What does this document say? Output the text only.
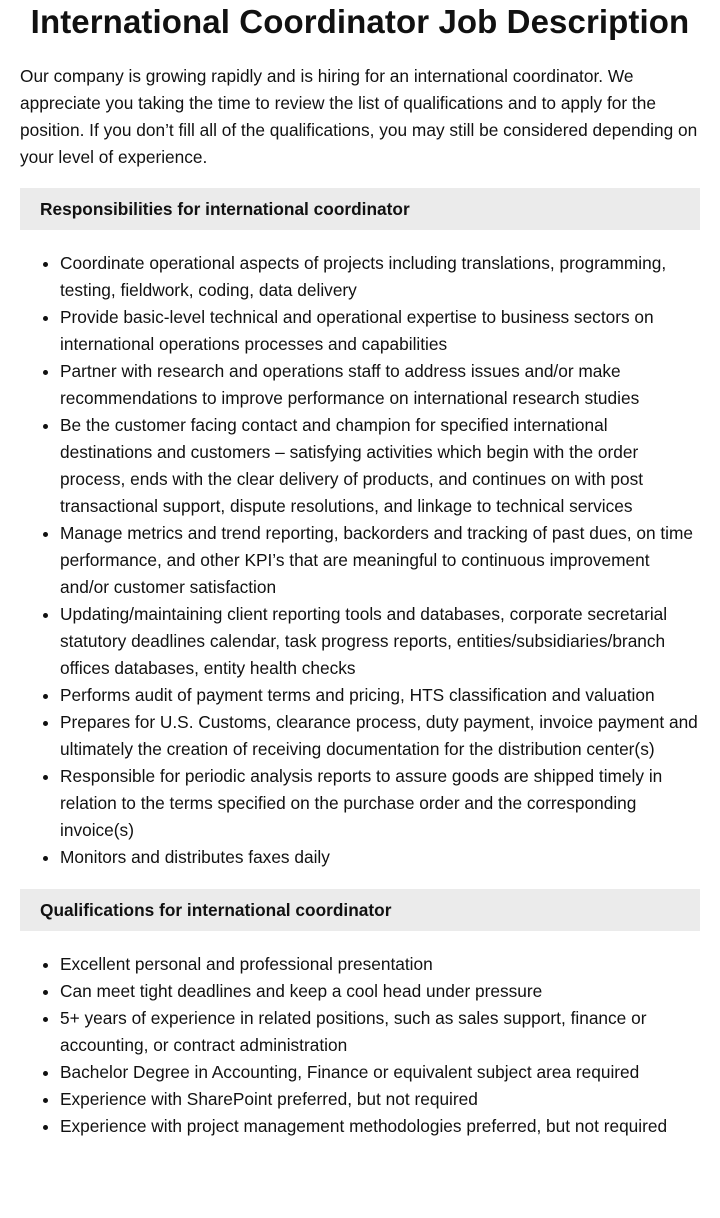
International Coordinator Job Description

Our company is growing rapidly and is hiring for an international coordinator. We appreciate you taking the time to review the list of qualifications and to apply for the position. If you don’t fill all of the qualifications, you may still be considered depending on your level of experience.

Responsibilities for international coordinator
• Coordinate operational aspects of projects including translations, programming, testing, fieldwork, coding, data delivery
• Provide basic-level technical and operational expertise to business sectors on international operations processes and capabilities
• Partner with research and operations staff to address issues and/or make recommendations to improve performance on international research studies
• Be the customer facing contact and champion for specified international destinations and customers – satisfying activities which begin with the order process, ends with the clear delivery of products, and continues on with post transactional support, dispute resolutions, and linkage to technical services
• Manage metrics and trend reporting, backorders and tracking of past dues, on time performance, and other KPI’s that are meaningful to continuous improvement and/or customer satisfaction
• Updating/maintaining client reporting tools and databases, corporate secretarial statutory deadlines calendar, task progress reports, entities/subsidiaries/branch offices databases, entity health checks
• Performs audit of payment terms and pricing, HTS classification and valuation
• Prepares for U.S. Customs, clearance process, duty payment, invoice payment and ultimately the creation of receiving documentation for the distribution center(s)
• Responsible for periodic analysis reports to assure goods are shipped timely in relation to the terms specified on the purchase order and the corresponding invoice(s)
• Monitors and distributes faxes daily
Qualifications for international coordinator
• Excellent personal and professional presentation
• Can meet tight deadlines and keep a cool head under pressure
• 5+ years of experience in related positions, such as sales support, finance or accounting, or contract administration
• Bachelor Degree in Accounting, Finance or equivalent subject area required
• Experience with SharePoint preferred, but not required
• Experience with project management methodologies preferred, but not required
